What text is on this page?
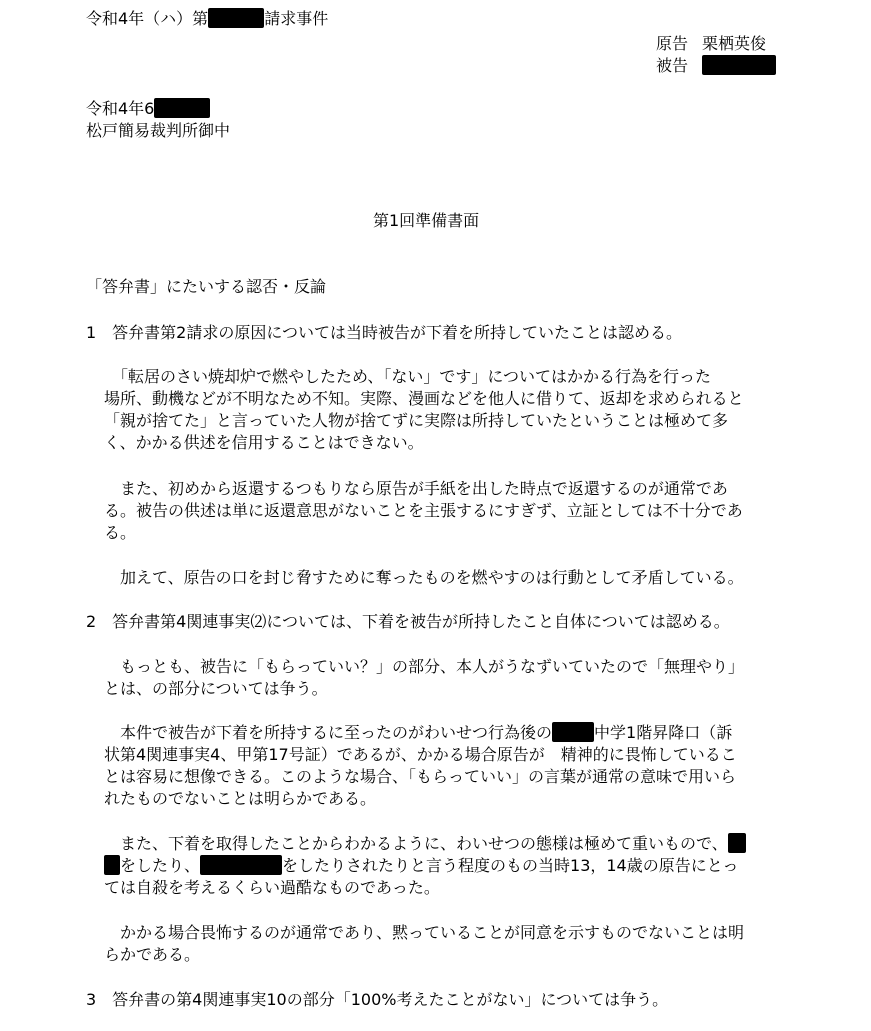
令和4年（ハ）第	請求事件
原告 栗栖英俊
被告
令和4年6
松戸簡易裁判所御中
第1回準備書面
「答弁書」にたいする認否・反論
1　答弁書第2請求の原因については当時被告が下着を所持していたことは認める。
　「転居のさい焼却炉で燃やしたため、「ない」です」についてはかかる行為を行った
場所、動機などが不明なため不知。実際、漫画などを他人に借りて、返却を求められると
「親が捨てた」と言っていた人物が捨てずに実際は所持していたということは極めて多
く、かかる供述を信用することはできない。
　また、初めから返還するつもりなら原告が手紙を出した時点で返還するのが通常であ
る。被告の供述は単に返還意思がないことを主張するにすぎず、立証としては不十分であ
る。
　加えて、原告の口を封じ脅すために奪ったものを燃やすのは行動として矛盾している。
2　答弁書第4関連事実⑵については、下着を被告が所持したこと自体については認める。
　もっとも、被告に「もらっていい？」の部分、本人がうなずいていたので「無理やり」
とは、の部分については争う。
　本件で被告が下着を所持するに至ったのがわいせつ行為後の	中学1階昇降口（訴
状第4関連事実4、甲第17号証）であるが、かかる場合原告が　精神的に畏怖しているこ
とは容易に想像できる。このような場合、「もらっていい」の言葉が通常の意味で用いら
れたものでないことは明らかである。
　また、下着を取得したことからわかるように、わいせつの態様は極めて重いもので、
をしたり、	をしたりされたりと言う程度のもの当時13，14歳の原告にとっ
ては自殺を考えるくらい過酷なものであった。
　かかる場合畏怖するのが通常であり、黙っていることが同意を示すものでないことは明
らかである。
3　答弁書の第4関連事実10の部分「100%考えたことがない」については争う。
